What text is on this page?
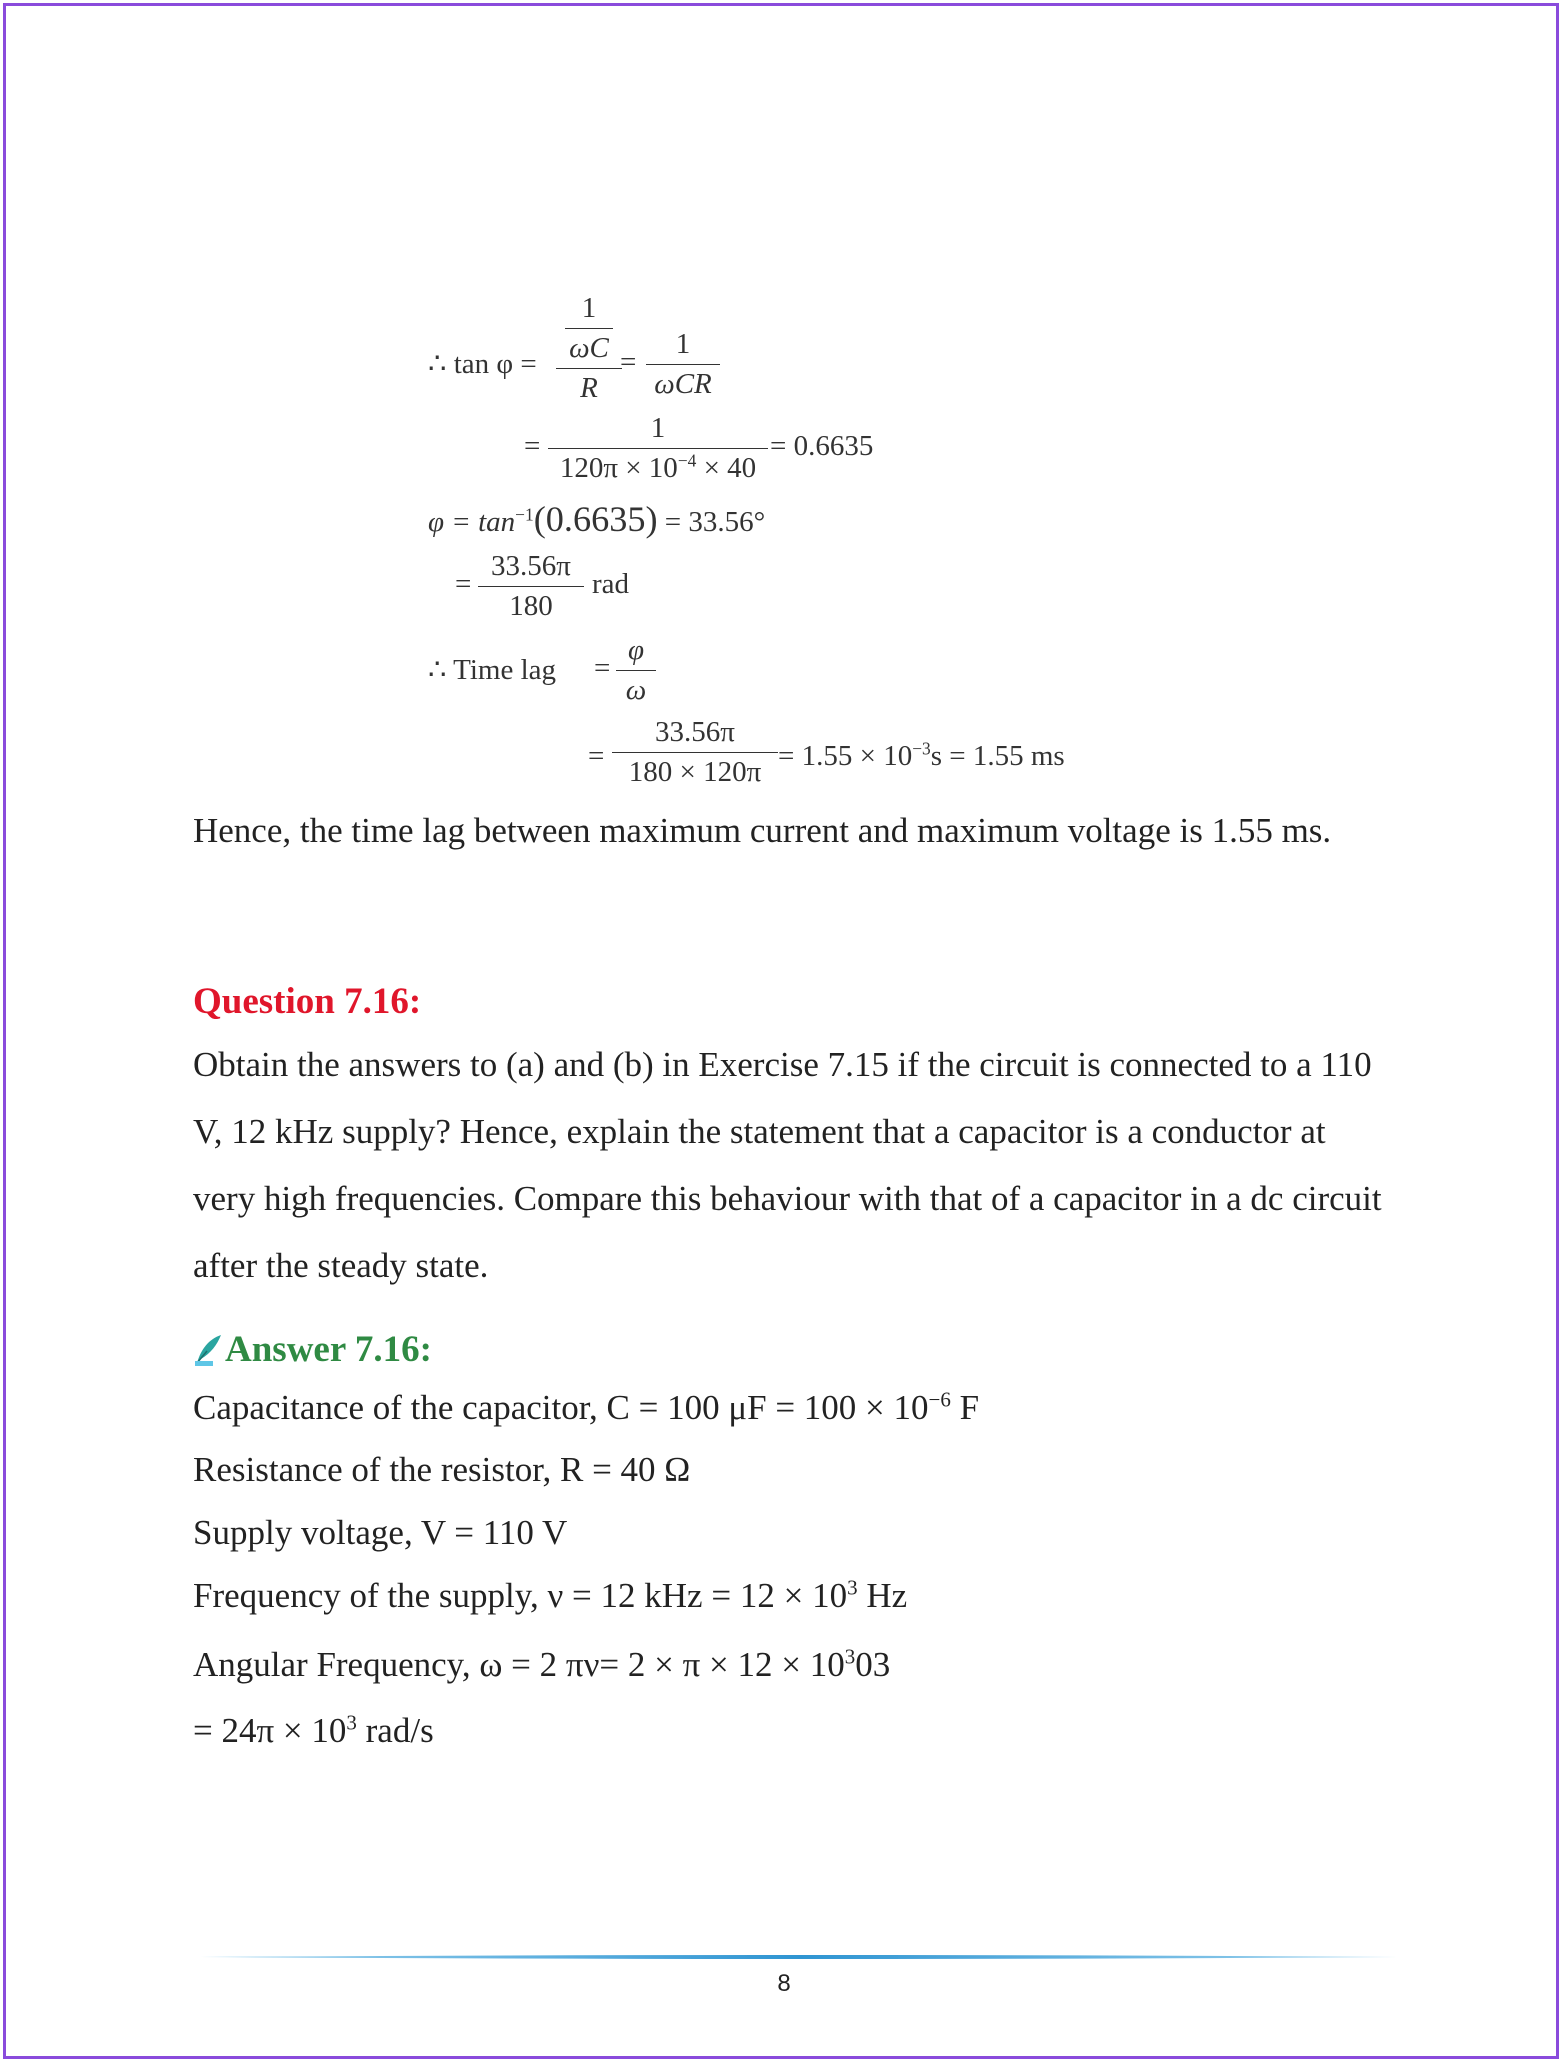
∴ $\tan \varphi = \frac{\frac{1}{\omega C}}{R}$
=
1
ωCR
= $\frac{1}{120\pi \times 10^{-4} \times 40} = 0.6635$
$\varphi = \tan^{-1}(0.6635) = 33.56^\circ$
= $\frac{33.56\pi}{180}$ rad
∴ Time lag = $\frac{\varphi}{\omega}$
= $\frac{33.56\pi}{180 \times 120\pi} = 1.55 \times 10^{-3}s = 1.55$ ms
Hence, the time lag between maximum current and maximum voltage is 1.55 ms.
Question 7.16:
Obtain the answers to (a) and (b) in Exercise 7.15 if the circuit is connected to a 110 V, 12 kHz supply? Hence, explain the statement that a capacitor is a conductor at very high frequencies. Compare this behaviour with that of a capacitor in a dc circuit after the steady state.
Answer 7.16:
Capacitance of the capacitor, C = 100 $\mu F = 100 \times 10^{-6}$ F
Resistance of the resistor, R = 40 Ω
Supply voltage, V = 110 V
Frequency of the supply, ν = 12 kHz = $12 \times 10^3$ Hz
Angular Frequency, ω = 2 $\pi\nu= 2 \times \pi \times 12 \times 10^303$
= $24\pi \times 10^3$ rad/s
8
